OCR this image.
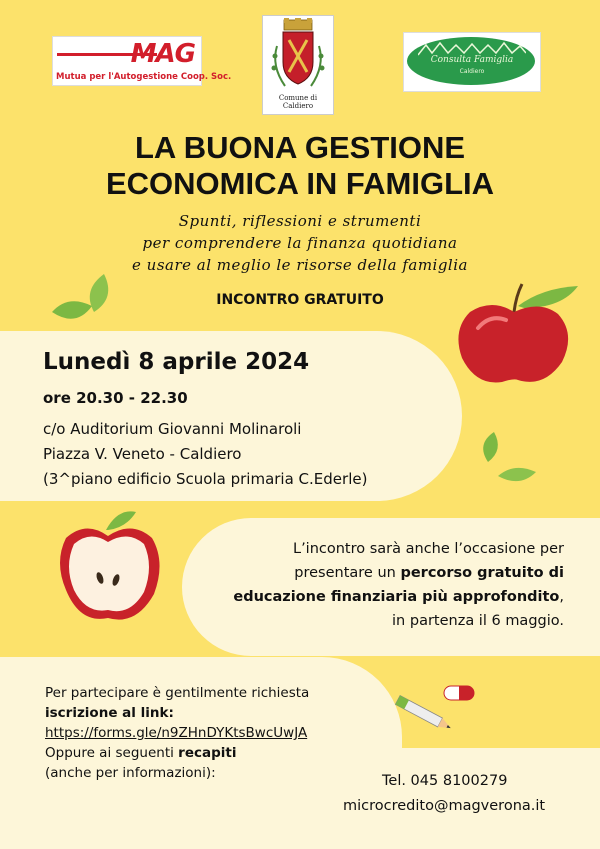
MAG
Mutua per l'Autogestione Coop. Soc.
Comune di Caldiero
Consulta Famiglia
Caldiero
LA BUONA GESTIONE
ECONOMICA IN FAMIGLIA
Spunti, riflessioni e strumenti
per comprendere la finanza quotidiana
e usare al meglio le risorse della famiglia
INCONTRO GRATUITO
Lunedì 8 aprile 2024
ore 20.30 - 22.30
c/o Auditorium Giovanni Molinaroli
Piazza V. Veneto - Caldiero
(3^piano edificio Scuola primaria C.Ederle)
L’incontro sarà anche l’occasione per
presentare un percorso gratuito di
educazione finanziaria più approfondito,
in partenza il 6 maggio.
Per partecipare è gentilmente richiesta
iscrizione al link:
https://forms.gle/n9ZHnDYKtsBwcUwJA
Oppure ai seguenti recapiti
(anche per informazioni):	Tel. 045 8100279
microcredito@magverona.it
